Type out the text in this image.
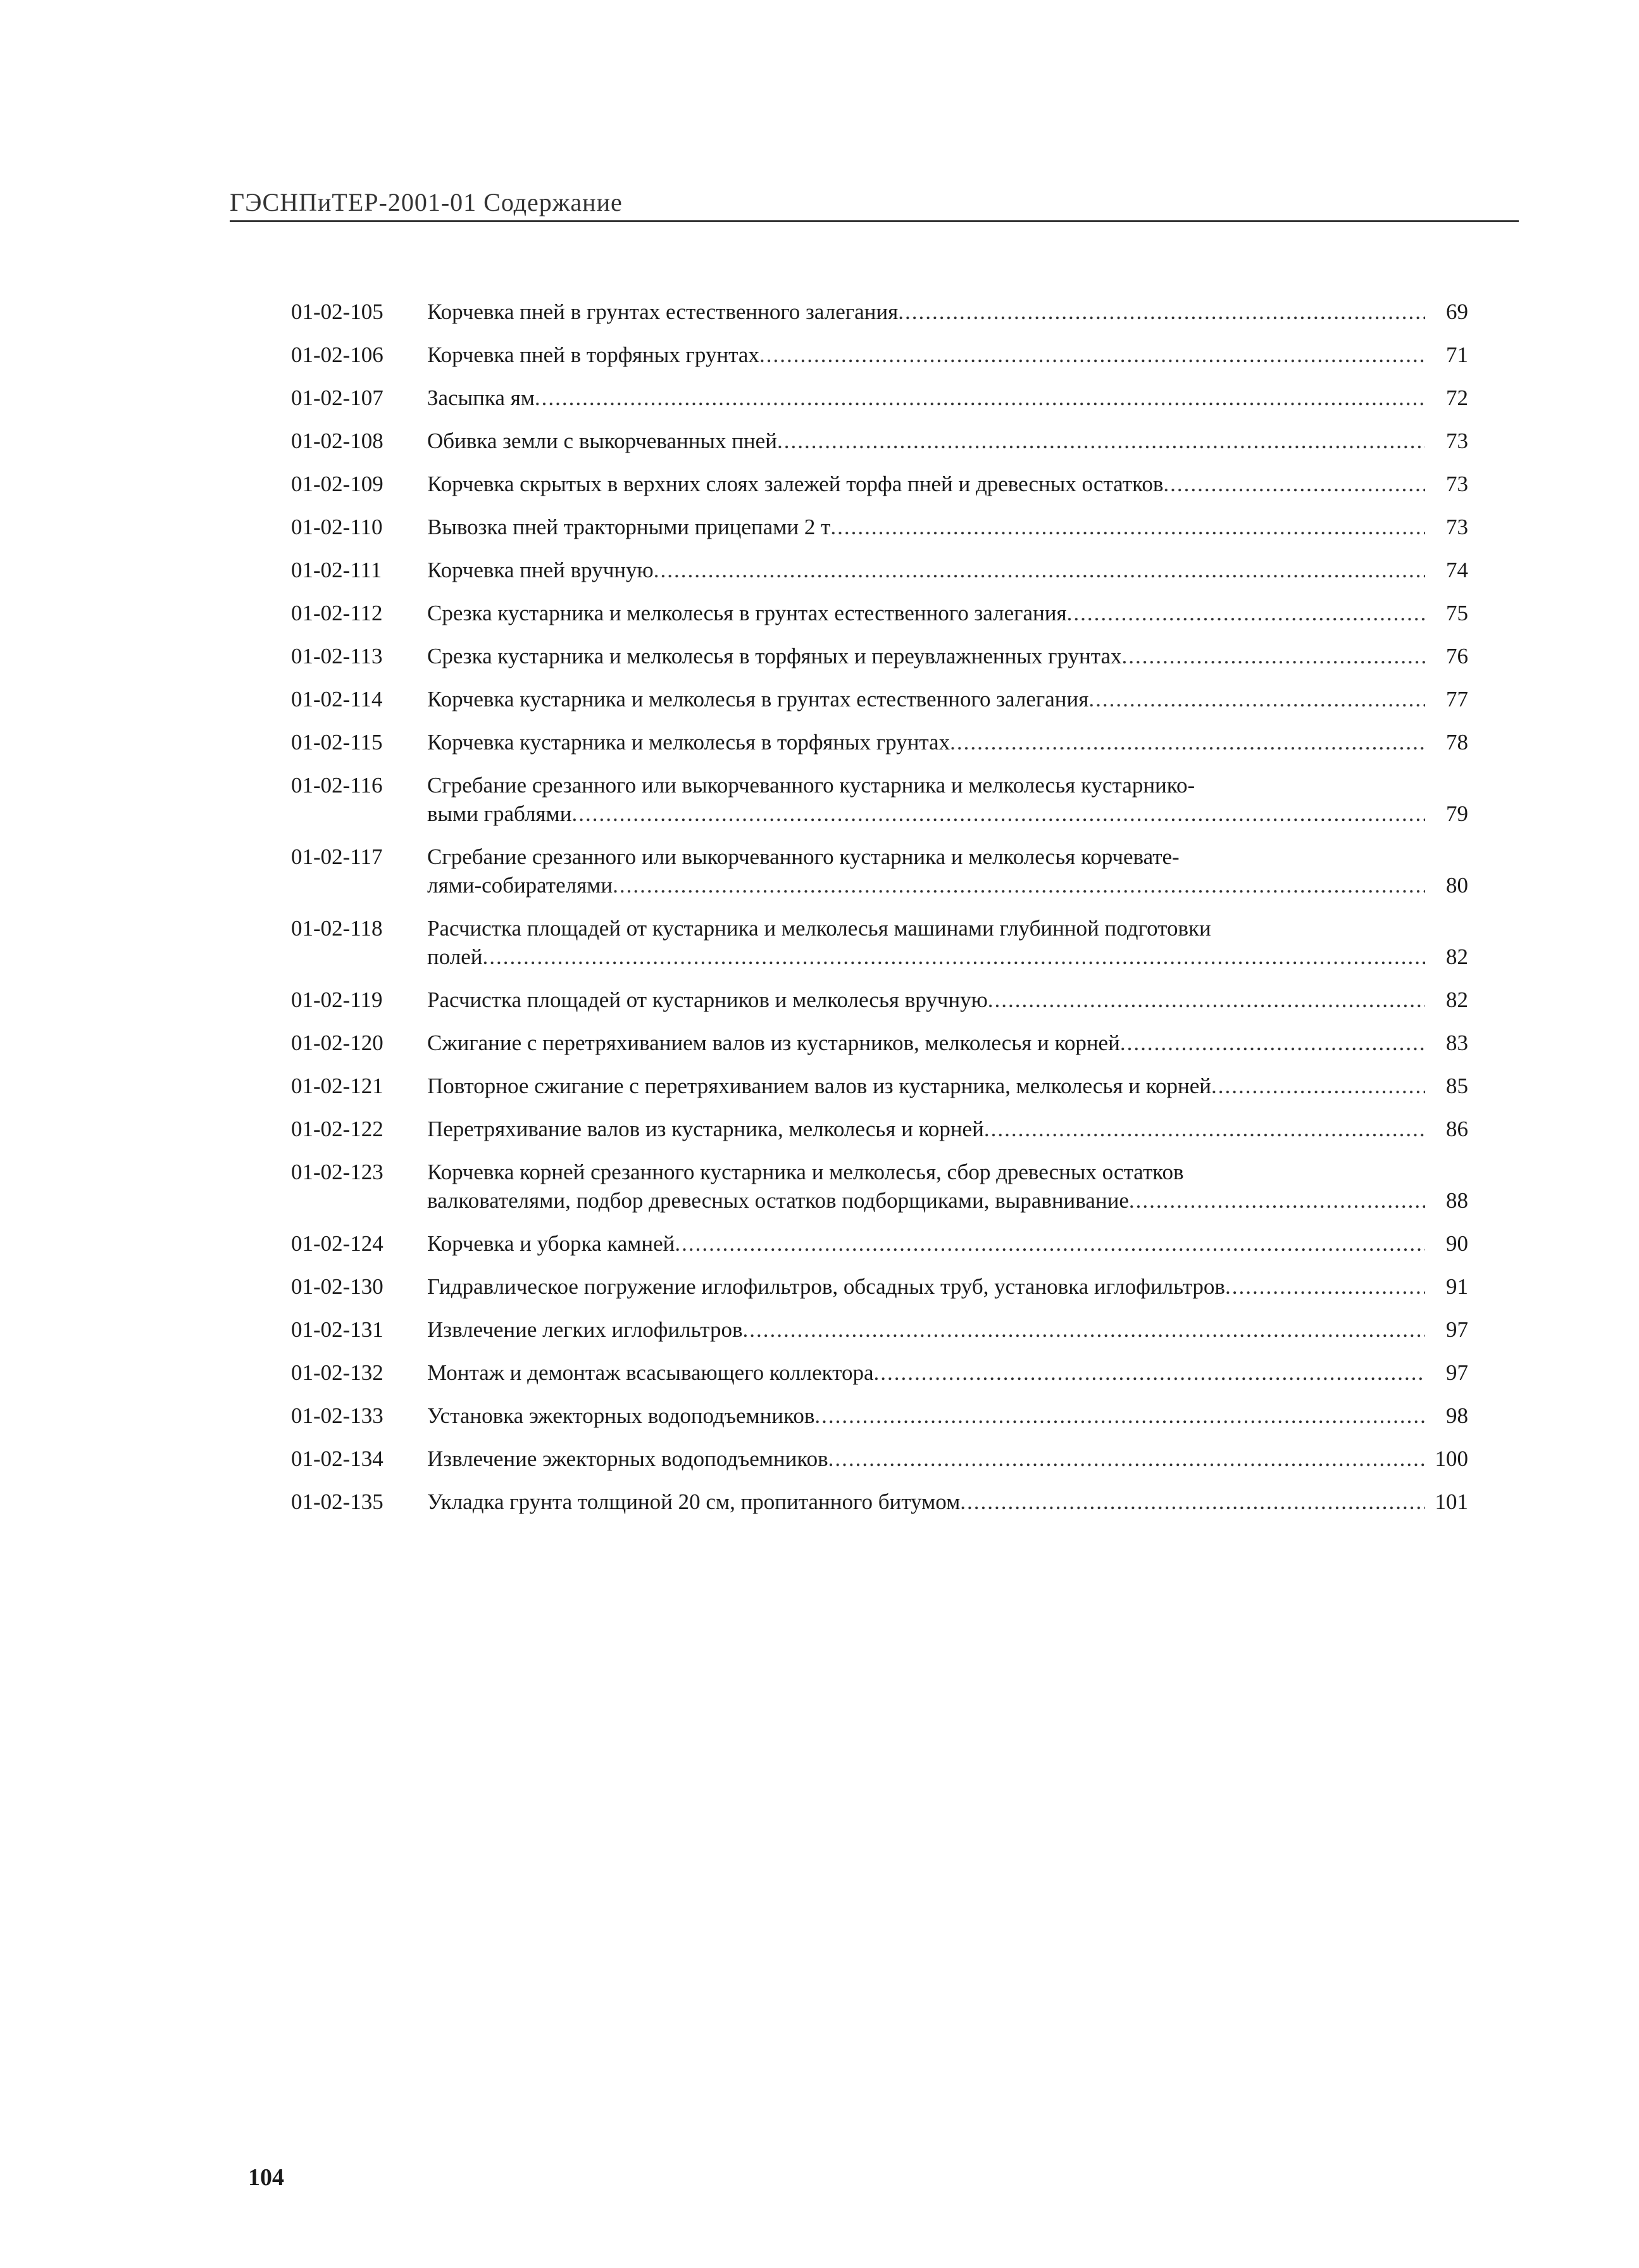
ГЭСНПиТЕР-2001-01 Содержание
01-02-105	Корчевка пней в грунтах естественного залегания .....	69
01-02-106	Корчевка пней в торфяных грунтах .....	71
01-02-107	Засыпка ям .....	72
01-02-108	Обивка земли с выкорчеванных пней .....	73
01-02-109	Корчевка скрытых в верхних слоях залежей торфа пней и древесных остатков .....	73
01-02-110	Вывозка пней тракторными прицепами 2 т .....	73
01-02-111	Корчевка пней вручную .....	74
01-02-112	Срезка кустарника и мелколесья в грунтах естественного залегания .....	75
01-02-113	Срезка кустарника и мелколесья в торфяных и переувлажненных грунтах .....	76
01-02-114	Корчевка кустарника и мелколесья в грунтах естественного залегания .....	77
01-02-115	Корчевка кустарника и мелколесья в торфяных грунтах .....	78
01-02-116	Сгребание срезанного или выкорчеванного кустарника и мелколесья кустарнико-
выми граблями .....	79
01-02-117	Сгребание срезанного или выкорчеванного кустарника и мелколесья корчевате-
лями-собирателями .....	80
01-02-118	Расчистка площадей от кустарника и мелколесья машинами глубинной подготовки
полей .....	82
01-02-119	Расчистка площадей от кустарников и мелколесья вручную .....	82
01-02-120	Сжигание с перетряхиванием валов из кустарников, мелколесья и корней .....	83
01-02-121	Повторное сжигание с перетряхиванием валов из кустарника, мелколесья и корней .....	85
01-02-122	Перетряхивание валов из кустарника, мелколесья и корней .....	86
01-02-123	Корчевка корней срезанного кустарника и мелколесья, сбор древесных остатков
валкователями, подбор древесных остатков подборщиками, выравнивание .....	88
01-02-124	Корчевка и уборка камней .....	90
01-02-130	Гидравлическое погружение иглофильтров, обсадных труб, установка иглофильтров .....	91
01-02-131	Извлечение легких иглофильтров .....	97
01-02-132	Монтаж и демонтаж всасывающего коллектора .....	97
01-02-133	Установка эжекторных водоподъемников .....	98
01-02-134	Извлечение эжекторных водоподъемников .....	100
01-02-135	Укладка грунта толщиной 20 см, пропитанного битумом .....	101
104
